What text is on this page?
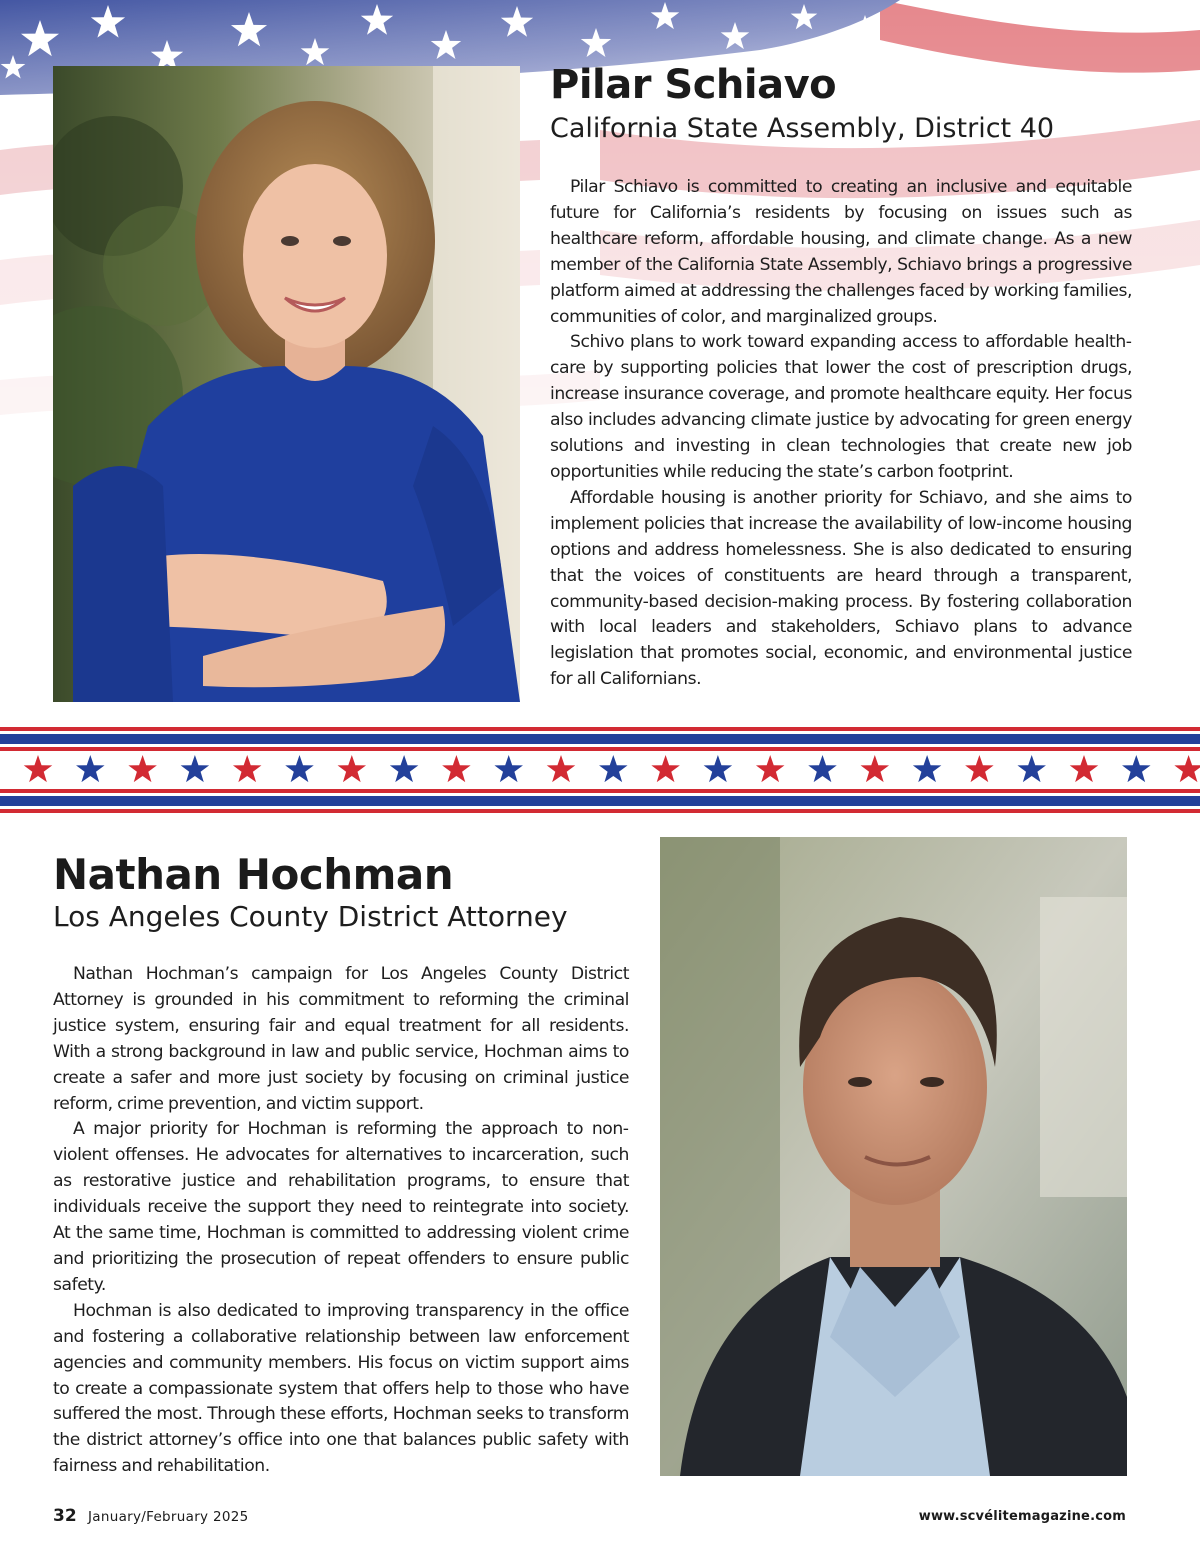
Pilar Schiavo
California State Assembly, District 40

Pilar Schiavo is committed to creating an inclusive and equitable future for California’s residents by focusing on issues such as healthcare reform, affordable housing, and climate change. As a new member of the California State Assembly, Schiavo brings a progressive platform aimed at addressing the challenges faced by working families, communities of color, and marginalized groups.

Schivo plans to work toward expanding access to affordable healthcare by supporting policies that lower the cost of prescription drugs, increase insurance coverage, and promote healthcare equity. Her focus also includes advancing climate justice by advocating for green energy solutions and investing in clean technologies that create new job opportunities while reducing the state’s carbon footprint.

Affordable housing is another priority for Schiavo, and she aims to implement policies that increase the availability of low-income housing options and address homelessness. She is also dedicated to ensuring that the voices of constituents are heard through a transparent, community-based decision-making process. By fostering collaboration with local leaders and stakeholders, Schiavo plans to advance legislation that promotes social, economic, and environmental justice for all Californians.

Nathan Hochman
Los Angeles County District Attorney

Nathan Hochman’s campaign for Los Angeles County District Attorney is grounded in his commitment to reforming the criminal justice system, ensuring fair and equal treatment for all residents. With a strong background in law and public service, Hochman aims to create a safer and more just society by focusing on criminal justice reform, crime prevention, and victim support.

A major priority for Hochman is reforming the approach to nonviolent offenses. He advocates for alternatives to incarceration, such as restorative justice and rehabilitation programs, to ensure that individuals receive the support they need to reintegrate into society. At the same time, Hochman is committed to addressing violent crime and prioritizing the prosecution of repeat offenders to ensure public safety.

Hochman is also dedicated to improving transparency in the office and fostering a collaborative relationship between law enforcement agencies and community members. His focus on victim support aims to create a compassionate system that offers help to those who have suffered the most. Through these efforts, Hochman seeks to transform the district attorney’s office into one that balances public safety with fairness and rehabilitation.

32 January/February 2025	www.scvélitemagazine.com
